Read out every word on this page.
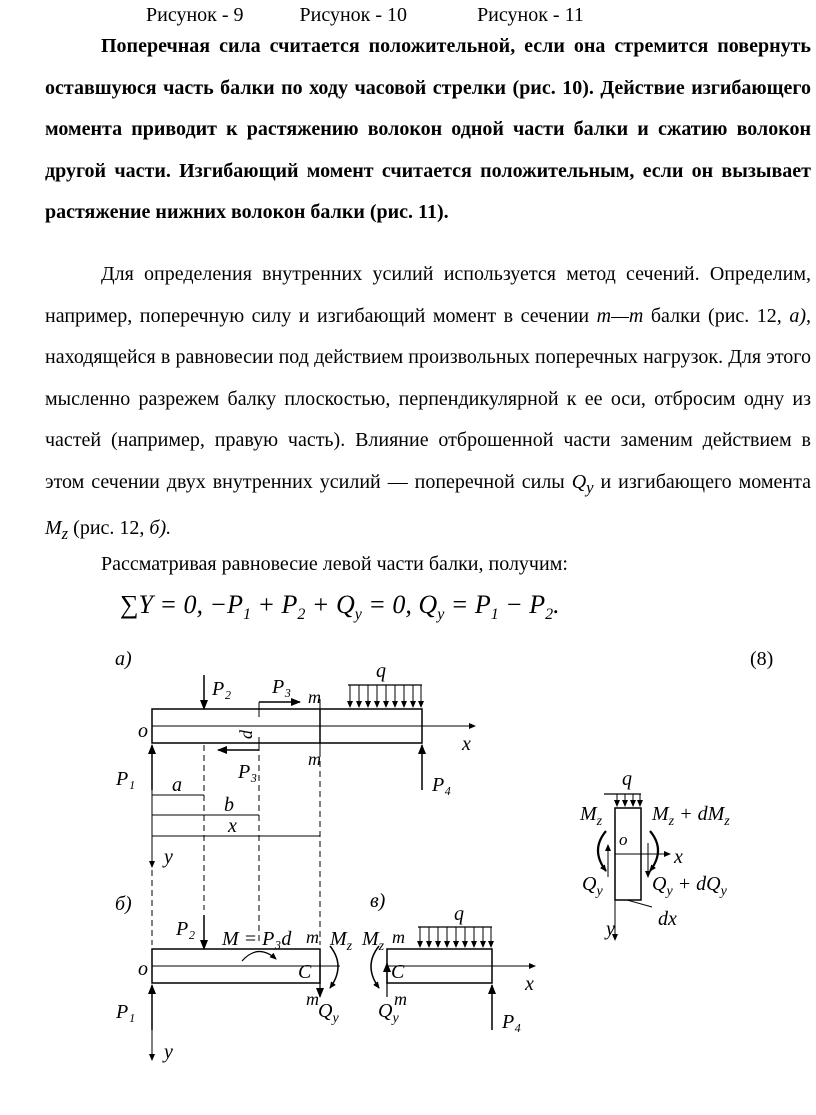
Рисунок - 9	Рисунок - 10	Рисунок - 11

Поперечная сила считается положительной, если она стремится повернуть оставшуюся часть балки по ходу часовой стрелки (рис. 10). Действие изгибающего момента приводит к растяжению волокон одной части балки и сжатию волокон другой части. Изгибающий момент считается положительным, если он вызывает растяжение нижних волокон балки (рис. 11).

Для определения внутренних усилий используется метод сечений. Определим, например, поперечную силу и изгибающий момент в сечении m—m балки (рис. 12, а), находящейся в равновесии под действием произвольных поперечных нагрузок. Для этого мысленно разрежем балку плоскостью, перпендикулярной к ее оси, отбросим одну из частей (например, правую часть). Влияние отброшенной части заменим действием в этом сечении двух внутренних усилий — поперечной силы $Q_y$ и изгибающего момента $M_z$ (рис. 12, б).

Рассматривая равновесие левой части балки, получим:

∑Y = 0, $-P_1 + P_2 + Q_y = 0$, $Q_y = P_1 - P_2$.
(8)
а)
P₂ P₃ m
q
o
x
m
P₃
P₁	P₄
a
b
x
y
d
б)
P₂ M = P₃d m
o	C
m
P₁
y
в)
q
m
C
m
x
P₄
q
o
x
y dx
$M_z$
$Q_y$
$M_z$
$Q_y$
$M_z$ $M_z + dM_z$
$Q_y$ $Q_y + dQ_y$
